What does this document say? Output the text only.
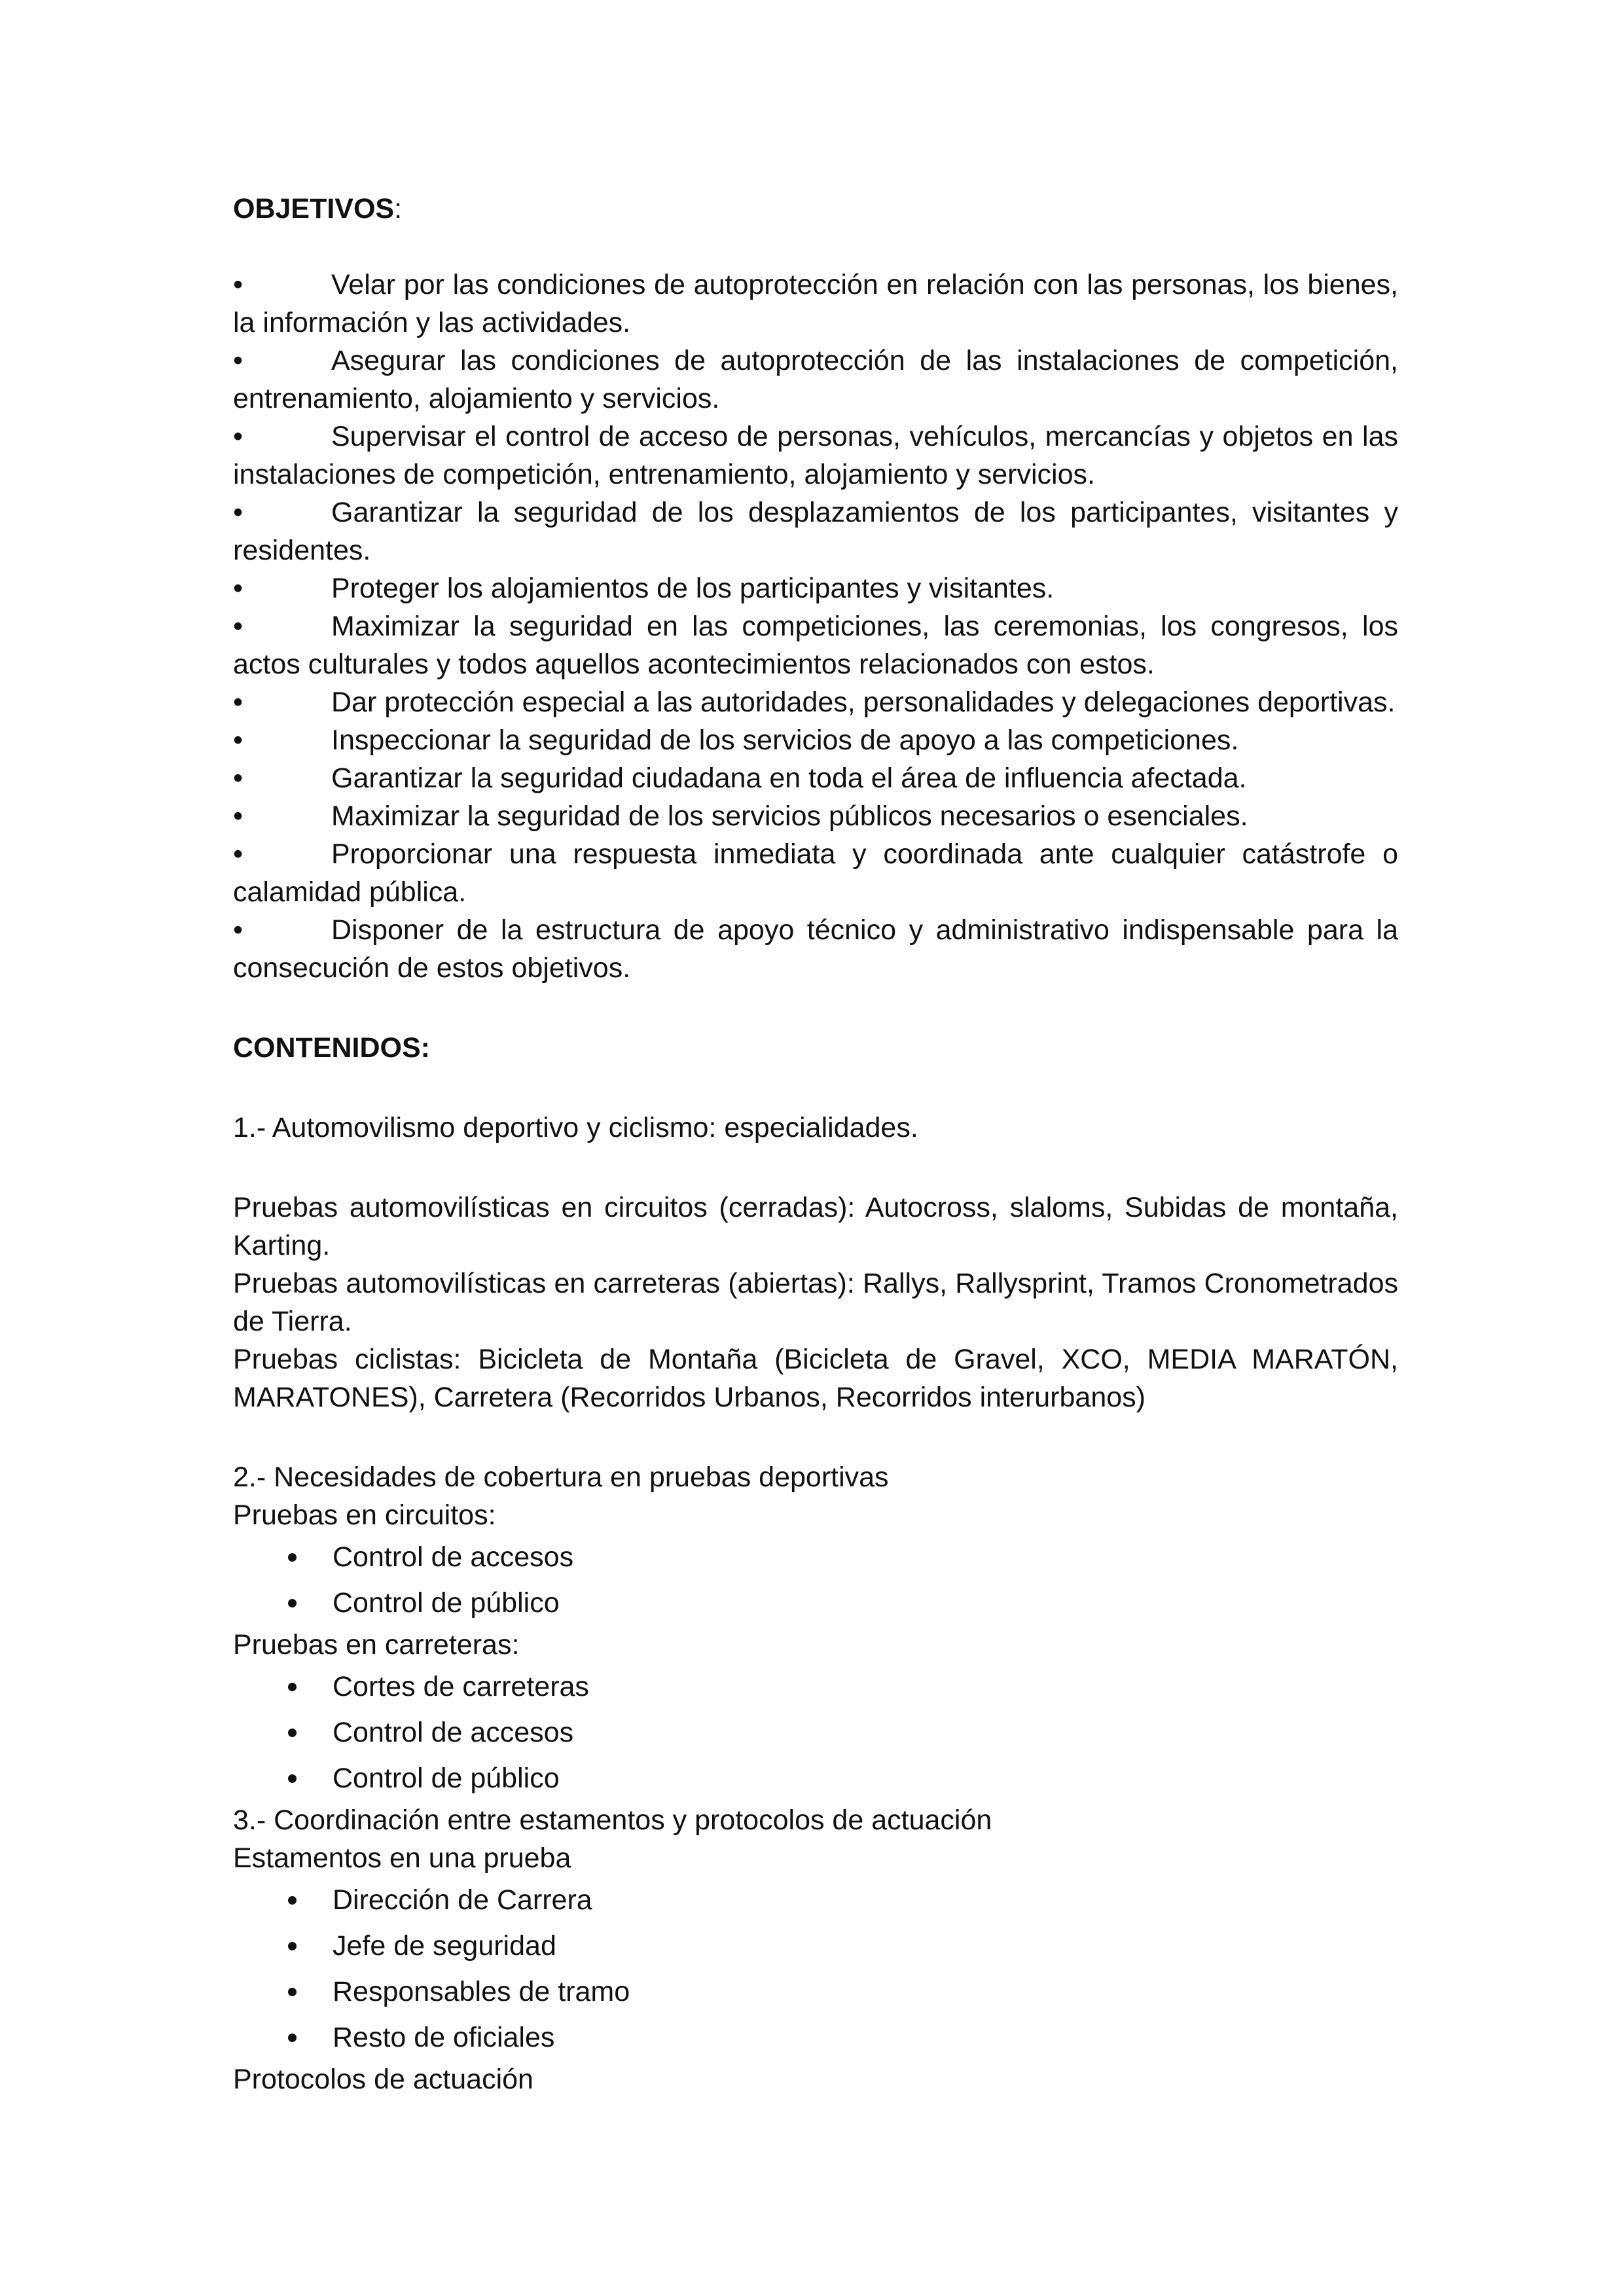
OBJETIVOS:

•	Velar por las condiciones de autoprotección en relación con las personas, los bienes, la información y las actividades.

•	Asegurar las condiciones de autoprotección de las instalaciones de competición, entrenamiento, alojamiento y servicios.

•	Supervisar el control de acceso de personas, vehículos, mercancías y objetos en las instalaciones de competición, entrenamiento, alojamiento y servicios.

•	Garantizar la seguridad de los desplazamientos de los participantes, visitantes y residentes.

•	Proteger los alojamientos de los participantes y visitantes.

•	Maximizar la seguridad en las competiciones, las ceremonias, los congresos, los actos culturales y todos aquellos acontecimientos relacionados con estos.

•	Dar protección especial a las autoridades, personalidades y delegaciones deportivas.

•	Inspeccionar la seguridad de los servicios de apoyo a las competiciones.

•	Garantizar la seguridad ciudadana en toda el área de influencia afectada.

•	Maximizar la seguridad de los servicios públicos necesarios o esenciales.

•	Proporcionar una respuesta inmediata y coordinada ante cualquier catástrofe o calamidad pública.

•	Disponer de la estructura de apoyo técnico y administrativo indispensable para la consecución de estos objetivos.

CONTENIDOS:

1.- Automovilismo deportivo y ciclismo: especialidades.

Pruebas automovilísticas en circuitos (cerradas): Autocross, slaloms, Subidas de montaña, Karting.

Pruebas automovilísticas en carreteras (abiertas): Rallys, Rallysprint, Tramos Cronometrados de Tierra.

Pruebas ciclistas: Bicicleta de Montaña (Bicicleta de Gravel, XCO, MEDIA MARATÓN, MARATONES), Carretera (Recorridos Urbanos, Recorridos interurbanos)

2.- Necesidades de cobertura en pruebas deportivas

Pruebas en circuitos:

Control de accesos
Control de público

Pruebas en carreteras:

Cortes de carreteras
Control de accesos
Control de público

3.- Coordinación entre estamentos y protocolos de actuación

Estamentos en una prueba

Dirección de Carrera
Jefe de seguridad
Responsables de tramo
Resto de oficiales

Protocolos de actuación
